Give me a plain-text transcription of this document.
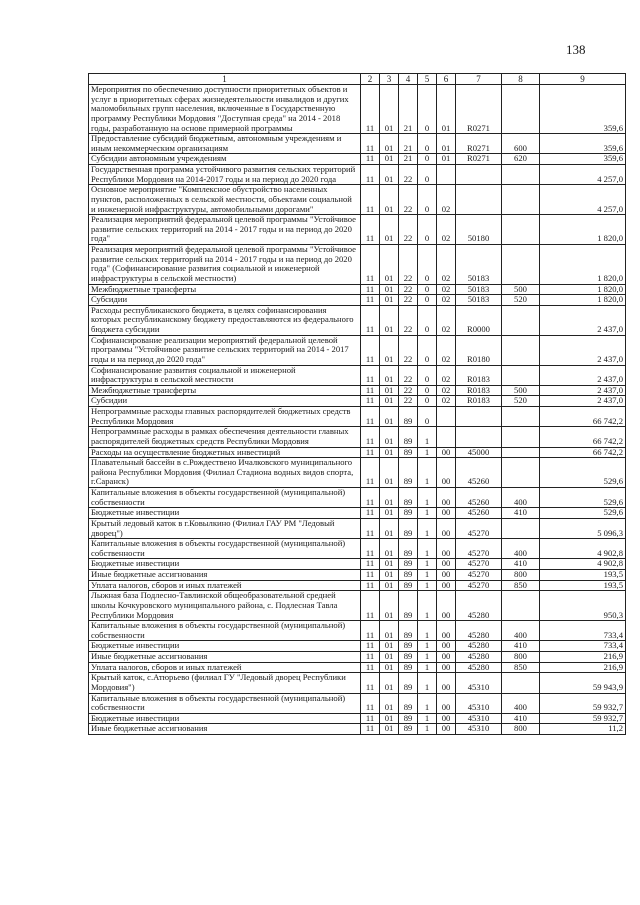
138
1	2	3	4	5	6	7	8	9
Мероприятия по обеспечению доступности приоритетных объектов и услуг в приоритетных сферах жизнедеятельности инвалидов и других маломобильных групп населения, включенные в Государственную программу Республики Мордовия "Доступная среда" на 2014 - 2018 годы, разработанную на основе примерной программы	11	01	21	0	01	R0271		359,6
Предоставление субсидий бюджетным, автономным учреждениям и иным некоммерческим организациям	11	01	21	0	01	R0271	600	359,6
Субсидии автономным учреждениям	11	01	21	0	01	R0271	620	359,6
Государственная программа устойчивого развития сельских территорий Республики Мордовия на 2014-2017 годы и на период до 2020 года	11	01	22	0				4 257,0
Основное мероприятие "Комплексное обустройство населенных пунктов, расположенных в сельской местности, объектами социальной и инженерной инфраструктуры, автомобильными дорогами"	11	01	22	0	02			4 257,0
Реализация мероприятий федеральной целевой программы "Устойчивое развитие сельских территорий на 2014 - 2017 годы и на период до 2020 года"	11	01	22	0	02	50180		1 820,0
Реализация мероприятий федеральной целевой программы "Устойчивое развитие сельских территорий на 2014 - 2017 годы и на период до 2020 года" (Софинансирование развития социальной и инженерной инфраструктуры в сельской местности)	11	01	22	0	02	50183		1 820,0
Межбюджетные трансферты	11	01	22	0	02	50183	500	1 820,0
Субсидии	11	01	22	0	02	50183	520	1 820,0
Расходы республиканского бюджета, в целях софинансирования которых республиканскому бюджету предоставляются из федерального бюджета субсидии	11	01	22	0	02	R0000		2 437,0
Софинансирование реализации мероприятий федеральной целевой программы "Устойчивое развитие сельских территорий на 2014 - 2017 годы и на период до 2020 года"	11	01	22	0	02	R0180		2 437,0
Софинансирование развития социальной и инженерной инфраструктуры в сельской местности	11	01	22	0	02	R0183		2 437,0
Межбюджетные трансферты	11	01	22	0	02	R0183	500	2 437,0
Субсидии	11	01	22	0	02	R0183	520	2 437,0
Непрограммные расходы главных распорядителей бюджетных средств Республики Мордовия	11	01	89	0				66 742,2
Непрограммные расходы в рамках обеспечения деятельности главных распорядителей бюджетных средств Республики Мордовия	11	01	89	1				66 742,2
Расходы на осуществление бюджетных инвестиций	11	01	89	1	00	45000		66 742,2
Плавательный бассейн в с.Рождествено Ичалковского муниципального района Республики Мордовия (Филиал Стадиона водных видов спорта, г.Саранск)	11	01	89	1	00	45260		529,6
Капитальные вложения в объекты государственной (муниципальной) собственности	11	01	89	1	00	45260	400	529,6
Бюджетные инвестиции	11	01	89	1	00	45260	410	529,6
Крытый ледовый каток в г.Ковылкино (Филиал ГАУ РМ "Ледовый дворец")	11	01	89	1	00	45270		5 096,3
Капитальные вложения в объекты государственной (муниципальной) собственности	11	01	89	1	00	45270	400	4 902,8
Бюджетные инвестиции	11	01	89	1	00	45270	410	4 902,8
Иные бюджетные ассигнования	11	01	89	1	00	45270	800	193,5
Уплата налогов, сборов и иных платежей	11	01	89	1	00	45270	850	193,5
Лыжная база Подлесно-Тавлинской общеобразовательной средней школы Кочкуровского муниципального района, с. Подлесная Тавла Республики Мордовия	11	01	89	1	00	45280		950,3
Капитальные вложения в объекты государственной (муниципальной) собственности	11	01	89	1	00	45280	400	733,4
Бюджетные инвестиции	11	01	89	1	00	45280	410	733,4
Иные бюджетные ассигнования	11	01	89	1	00	45280	800	216,9
Уплата налогов, сборов и иных платежей	11	01	89	1	00	45280	850	216,9
Крытый каток, с.Атюрьево (филиал ГУ "Ледовый дворец Республики Мордовия")	11	01	89	1	00	45310		59 943,9
Капитальные вложения в объекты государственной (муниципальной) собственности	11	01	89	1	00	45310	400	59 932,7
Бюджетные инвестиции	11	01	89	1	00	45310	410	59 932,7
Иные бюджетные ассигнования	11	01	89	1	00	45310	800	11,2
